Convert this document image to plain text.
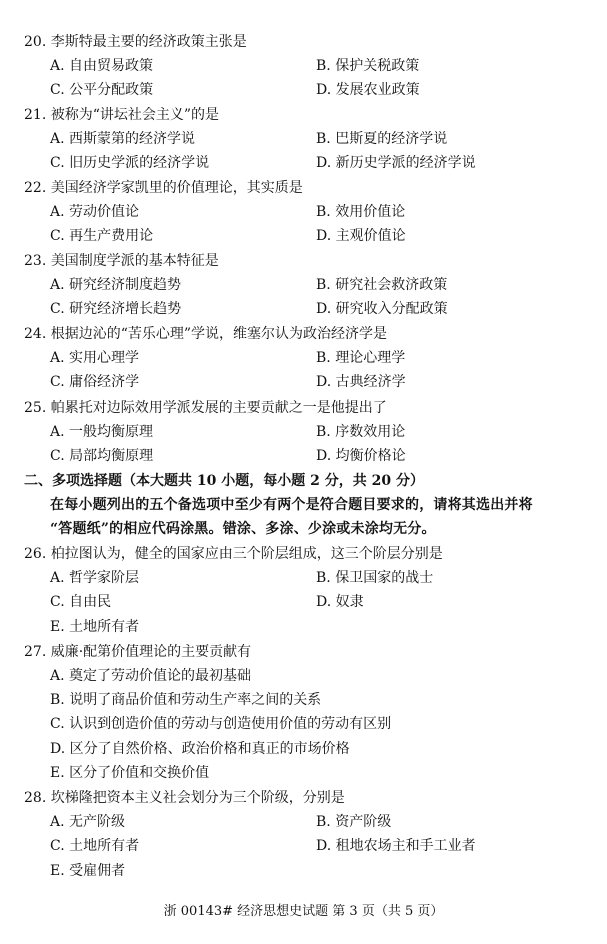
20. 李斯特最主要的经济政策主张是
A. 自由贸易政策	B. 保护关税政策
C. 公平分配政策	D. 发展农业政策
21. 被称为“讲坛社会主义”的是
A. 西斯蒙第的经济学说	B. 巴斯夏的经济学说
C. 旧历史学派的经济学说	D. 新历史学派的经济学说
22. 美国经济学家凯里的价值理论，其实质是
A. 劳动价值论	B. 效用价值论
C. 再生产费用论	D. 主观价值论
23. 美国制度学派的基本特征是
A. 研究经济制度趋势	B. 研究社会救济政策
C. 研究经济增长趋势	D. 研究收入分配政策
24. 根据边沁的“苦乐心理”学说，维塞尔认为政治经济学是
A. 实用心理学	B. 理论心理学
C. 庸俗经济学	D. 古典经济学
25. 帕累托对边际效用学派发展的主要贡献之一是他提出了
A. 一般均衡原理	B. 序数效用论
C. 局部均衡原理	D. 均衡价格论
二、多项选择题（本大题共 10 小题，每小题 2 分，共 20 分）
在每小题列出的五个备选项中至少有两个是符合题目要求的，请将其选出并将
“答题纸”的相应代码涂黑。错涂、多涂、少涂或未涂均无分。
26. 柏拉图认为，健全的国家应由三个阶层组成，这三个阶层分别是
A. 哲学家阶层	B. 保卫国家的战士
C. 自由民	D. 奴隶
E. 土地所有者
27. 威廉·配第价值理论的主要贡献有
A. 奠定了劳动价值论的最初基础
B. 说明了商品价值和劳动生产率之间的关系
C. 认识到创造价值的劳动与创造使用价值的劳动有区别
D. 区分了自然价格、政治价格和真正的市场价格
E. 区分了价值和交换价值
28. 坎梯隆把资本主义社会划分为三个阶级，分别是
A. 无产阶级	B. 资产阶级
C. 土地所有者	D. 租地农场主和手工业者
E. 受雇佣者
浙 00143# 经济思想史试题 第 3 页（共 5 页）
